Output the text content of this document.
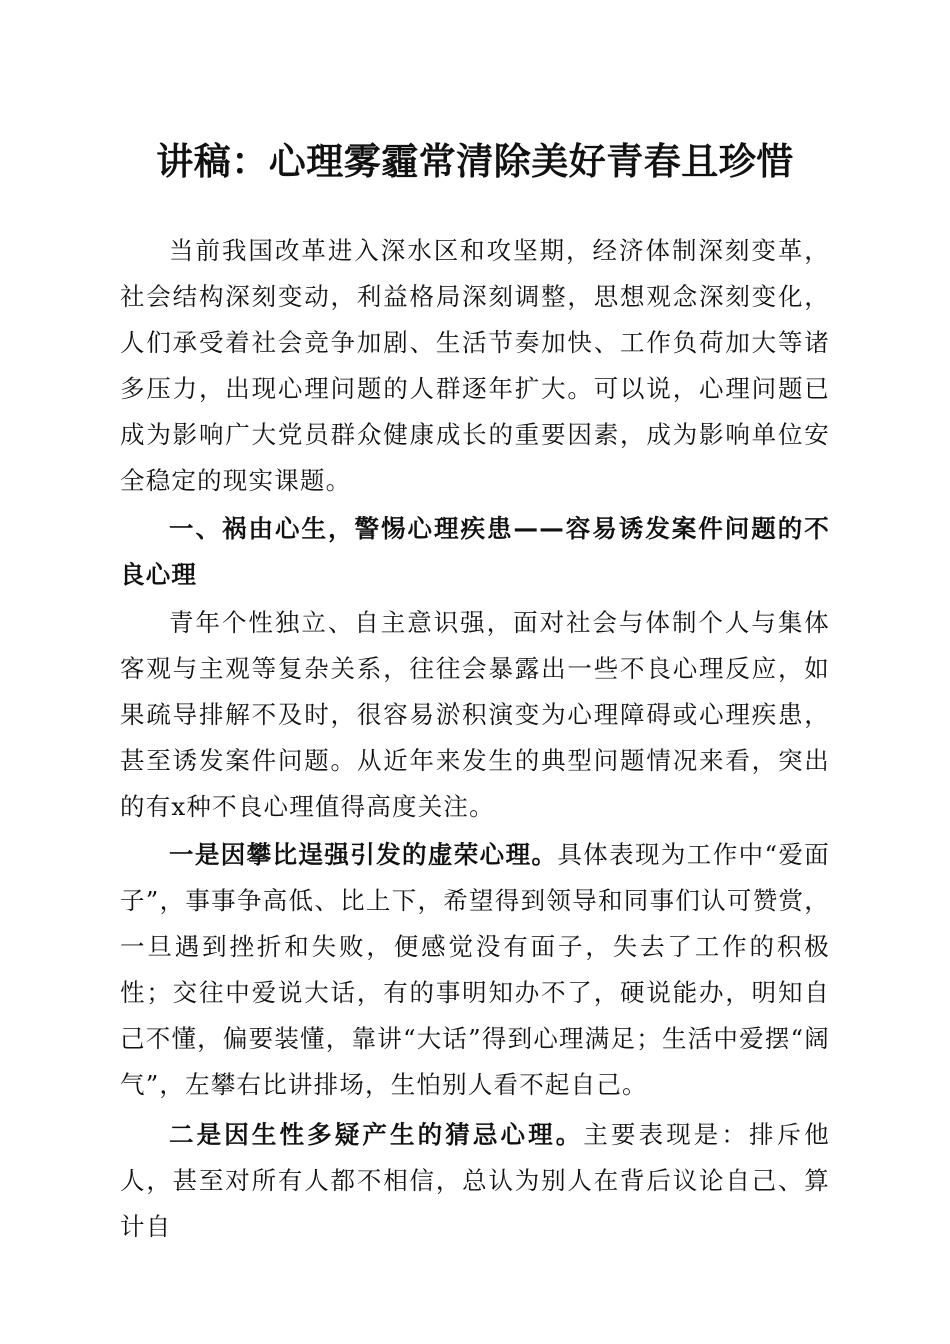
讲稿：心理雾霾常清除美好青春且珍惜

当前我国改革进入深水区和攻坚期，经济体制深刻变革，社会结构深刻变动，利益格局深刻调整，思想观念深刻变化，人们承受着社会竞争加剧、生活节奏加快、工作负荷加大等诸多压力，出现心理问题的人群逐年扩大。可以说，心理问题已成为影响广大党员群众健康成长的重要因素，成为影响单位安全稳定的现实课题。

一、祸由心生，警惕心理疾患——容易诱发案件问题的不良心理

青年个性独立、自主意识强，面对社会与体制个人与集体客观与主观等复杂关系，往往会暴露出一些不良心理反应，如果疏导排解不及时，很容易淤积演变为心理障碍或心理疾患，甚至诱发案件问题。从近年来发生的典型问题情况来看，突出的有x种不良心理值得高度关注。

一是因攀比逞强引发的虚荣心理。具体表现为工作中“爱面子”，事事争高低、比上下，希望得到领导和同事们认可赞赏，一旦遇到挫折和失败，便感觉没有面子，失去了工作的积极性；交往中爱说大话，有的事明知办不了，硬说能办，明知自己不懂，偏要装懂，靠讲“大话”得到心理满足；生活中爱摆“阔气”，左攀右比讲排场，生怕别人看不起自己。

二是因生性多疑产生的猜忌心理。主要表现是：排斥他人，甚至对所有人都不相信，总认为别人在背后议论自己、算计自
